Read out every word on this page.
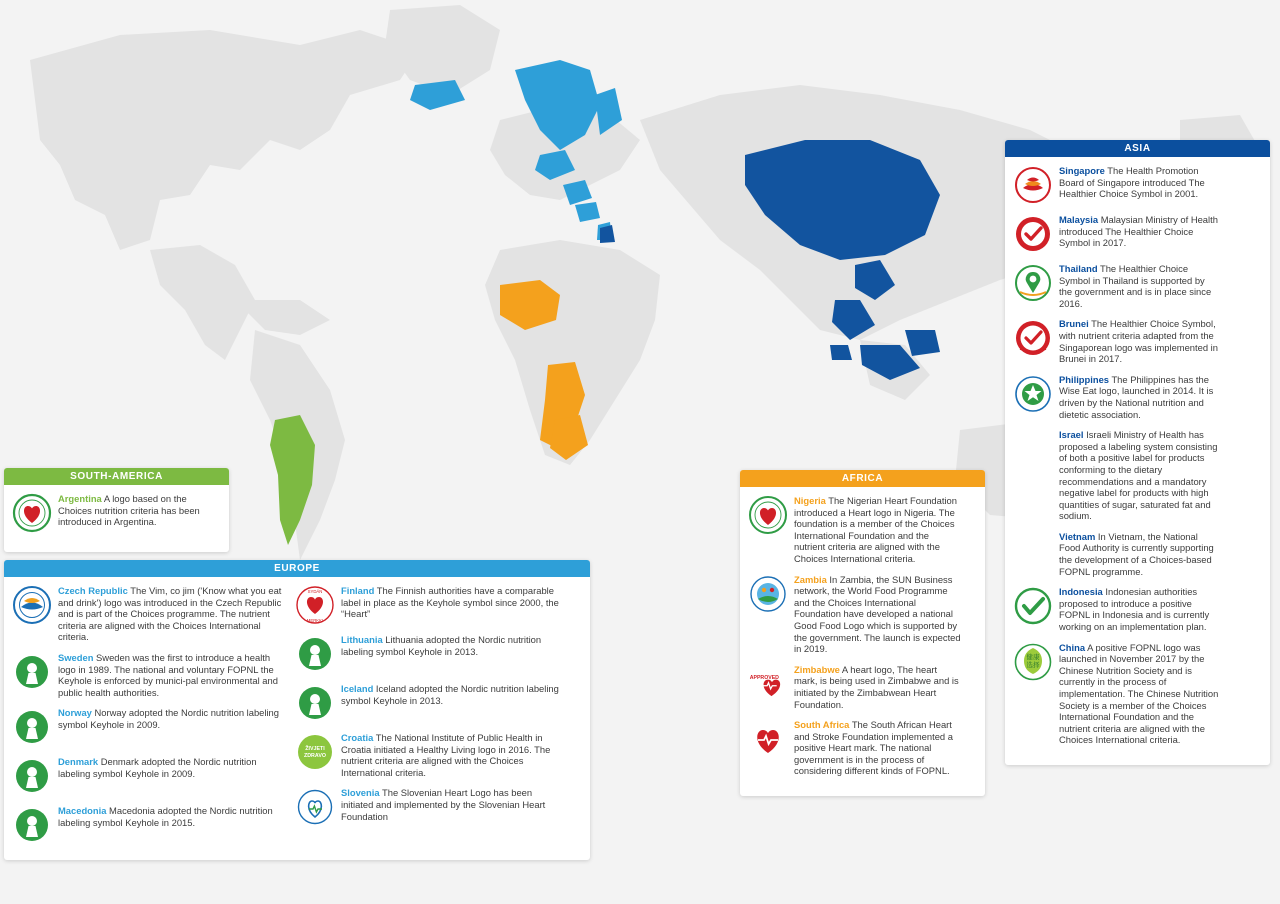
ASIA
Singapore The Health Promotion Board of Singapore introduced The Healthier Choice Symbol in 2001.
Malaysia Malaysian Ministry of Health introduced The Healthier Choice Symbol in 2017.
Thailand The Healthier Choice Symbol in Thailand is supported by the government and is in place since 2016.
Brunei The Healthier Choice Symbol, with nutrient criteria adapted from the Singaporean logo was implemented in Brunei in 2017.
Philippines The Philippines has the Wise Eat logo, launched in 2014. It is driven by the National nutrition and dietetic association.
Israel Israeli Ministry of Health has proposed a labeling system consisting of both a positive label for products conforming to the dietary recommendations and a mandatory negative label for products with high quantities of sugar, saturated fat and sodium.
Vietnam In Vietnam, the National Food Authority is currently supporting the development of a Choices-based FOPNL programme.
Indonesia Indonesian authorities proposed to introduce a positive FOPNL in Indonesia and is currently working on an implementation plan.
健康
选择
China A positive FOPNL logo was launched in November 2017 by the Chinese Nutrition Society and is currently in the process of implementation. The Chinese Nutrition Society is a member of the Choices International Foundation and the nutrient criteria are aligned with the Choices International criteria.
EUROPE
Czech Republic The Vim, co jim ('Know what you eat and drink') logo was introduced in the Czech Republic and is part of the Choices programme. The nutrient criteria are aligned with the Choices International criteria.
Sweden Sweden was the first to introduce a health logo in 1989. The national and voluntary FOPNL the Keyhole is enforced by munici-pal environmental and public health authorities.
Norway Norway adopted the Nordic nutrition labeling symbol Keyhole in 2009.
Denmark Denmark adopted the Nordic nutrition labeling symbol Keyhole in 2009.
Macedonia Macedonia adopted the Nordic nutrition labeling symbol Keyhole in 2015.
SYDÄN
MERKKI
Finland The Finnish authorities have a comparable label in place as the Keyhole symbol since 2000, the “Heart”
Lithuania Lithuania adopted the Nordic nutrition labeling symbol Keyhole in 2013.
Iceland Iceland adopted the Nordic nutrition labeling symbol Keyhole in 2013.
ŽIVJETI
ZDRAVO
Croatia The National Institute of Public Health in Croatia initiated a Healthy Living logo in 2016. The nutrient criteria are aligned with the Choices International criteria.
Slovenia The Slovenian Heart Logo has been initiated and implemented by the Slovenian Heart Foundation
AFRICA
Nigeria The Nigerian Heart Foundation introduced a Heart logo in Nigeria. The foundation is a member of the Choices International Foundation and the nutrient criteria are aligned with the Choices International criteria.
Zambia In Zambia, the SUN Business network, the World Food Programme and the Choices International Foundation have developed a national Good Food Logo which is supported by the government. The launch is expected in 2019.
APPROVED
Zimbabwe A heart logo, The heart mark, is being used in Zimbabwe and is initiated by the Zimbabwean Heart Foundation.
South Africa The South African Heart and Stroke Foundation implemented a positive Heart mark. The national government is in the process of considering different kinds of FOPNL.
SOUTH-AMERICA
Argentina A logo based on the Choices nutrition criteria has been introduced in Argentina.
